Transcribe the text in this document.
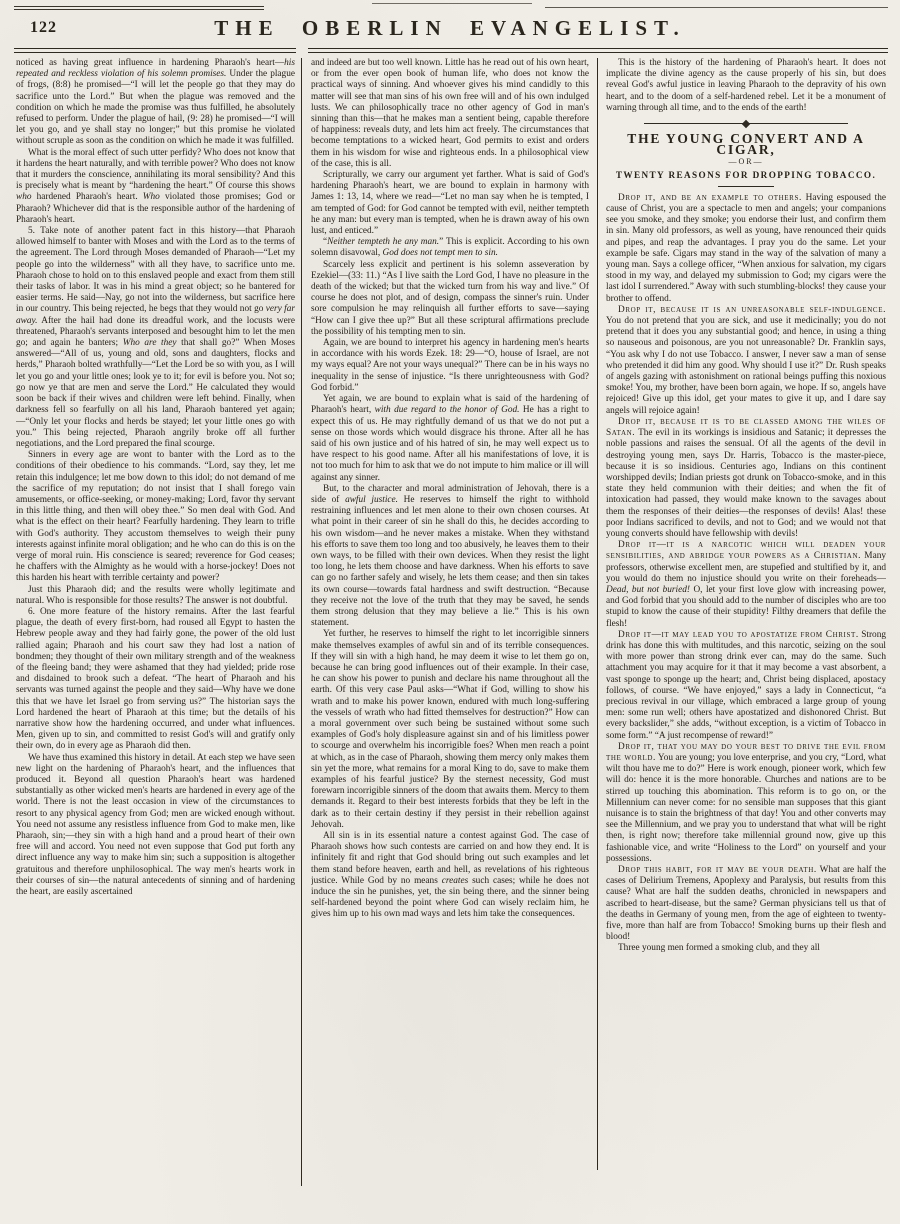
122	THE OBERLIN EVANGELIST.

noticed as having great influence in hardening Pharaoh's heart—his repeated and reckless violation of his solemn promises. Under the plague of frogs, (8:8) he promised—“I will let the people go that they may do sacrifice unto the Lord.” But when the plague was removed and the condition on which he made the promise was thus fulfilled, he absolutely refused to perform. Under the plague of hail, (9: 28) he promised—“I will let you go, and ye shall stay no longer;” but this promise he violated without scruple as soon as the condition on which he made it was fulfilled.

What is the moral effect of such utter perfidy? Who does not know that it hardens the heart naturally, and with terrible power? Who does not know that it murders the conscience, annihilating its moral sensibility? And this is precisely what is meant by “hardening the heart.” Of course this shows who hardened Pharaoh's heart. Who violated those promises; God or Pharaoh? Whichever did that is the responsible author of the hardening of Pharaoh's heart.

5. Take note of another patent fact in this history—that Pharaoh allowed himself to banter with Moses and with the Lord as to the terms of the agreement. The Lord through Moses demanded of Pharaoh—“Let my people go into the wilderness” with all they have, to sacrifice unto me. Pharaoh chose to hold on to this enslaved people and exact from them still their tasks of labor. It was in his mind a great object; so he bantered for easier terms. He said—Nay, go not into the wilderness, but sacrifice here in our country. This being rejected, he begs that they would not go very far away. After the hail had done its dreadful work, and the locusts were threatened, Pharaoh's servants interposed and besought him to let the men go; and again he banters; Who are they that shall go?” When Moses answered—“All of us, young and old, sons and daughters, flocks and herds,” Pharaoh bolted wrathfully—“Let the Lord be so with you, as I will let you go and your little ones; look ye to it; for evil is before you. Not so; go now ye that are men and serve the Lord.” He calculated they would soon be back if their wives and children were left behind. Finally, when darkness fell so fearfully on all his land, Pharaoh bantered yet again;—“Only let your flocks and herds be stayed; let your little ones go with you.” This being rejected, Pharaoh angrily broke off all further negotiations, and the Lord prepared the final scourge.

Sinners in every age are wont to banter with the Lord as to the conditions of their obedience to his commands. “Lord, say they, let me retain this indulgence; let me bow down to this idol; do not demand of me the sacrifice of my reputation; do not insist that I shall forego vain amusements, or office-seeking, or money-making; Lord, favor thy servant in this little thing, and then will obey thee.” So men deal with God. And what is the effect on their heart? Fearfully hardening. They learn to trifle with God's authority. They accustom themselves to weigh their puny interests against infinite moral obligation; and he who can do this is on the verge of moral ruin. His conscience is seared; reverence for God ceases; he chaffers with the Almighty as he would with a horse-jockey! Does not this harden his heart with terrible certainty and power?

Just this Pharaoh did; and the results were wholly legitimate and natural. Who is responsible for those results? The answer is not doubtful.

6. One more feature of the history remains. After the last fearful plague, the death of every first-born, had roused all Egypt to hasten the Hebrew people away and they had fairly gone, the power of the old lust rallied again; Pharaoh and his court saw they had lost a nation of bondmen; they thought of their own military strength and of the weakness of the fleeing band; they were ashamed that they had yielded; pride rose and disdained to brook such a defeat. “The heart of Pharaoh and his servants was turned against the people and they said—Why have we done this that we have let Israel go from serving us?” The historian says the Lord hardened the heart of Pharaoh at this time; but the details of his narrative show how the hardening occurred, and under what influences. Men, given up to sin, and committed to resist God's will and gratify only their own, do in every age as Pharaoh did then.

We have thus examined this history in detail. At each step we have seen new light on the hardening of Pharaoh's heart, and the influences that produced it. Beyond all question Pharaoh's heart was hardened substantially as other wicked men's hearts are hardened in every age of the world. There is not the least occasion in view of the circumstances to resort to any physical agency from God; men are wicked enough without. You need not assume any resistless influence from God to make men, like Pharaoh, sin;—they sin with a high hand and a proud heart of their own free will and accord. You need not even suppose that God put forth any direct influence any way to make him sin; such a supposition is altogether gratuitous and therefore unphilosophical. The way men's hearts work in their courses of sin—the natural antecedents of sinning and of hardening the heart, are easily ascertained

and indeed are but too well known. Little has he read out of his own heart, or from the ever open book of human life, who does not know the practical ways of sinning. And whoever gives his mind candidly to this matter will see that man sins of his own free will and of his own indulged lusts. We can philosophically trace no other agency of God in man's sinning than this—that he makes man a sentient being, capable therefore of happiness: reveals duty, and lets him act freely. The circumstances that become temptations to a wicked heart, God permits to exist and orders them in his wisdom for wise and righteous ends. In a philosophical view of the case, this is all.

Scripturally, we carry our argument yet farther. What is said of God's hardening Pharaoh's heart, we are bound to explain in harmony with James 1: 13, 14, where we read—“Let no man say when he is tempted, I am tempted of God: for God cannot be tempted with evil, neither tempteth he any man: but every man is tempted, when he is drawn away of his own lust, and enticed.”

“Neither tempteth he any man.” This is explicit. According to his own solemn disavowal, God does not tempt men to sin.

Scarcely less explicit and pertinent is his solemn asseveration by Ezekiel—(33: 11.) “As I live saith the Lord God, I have no pleasure in the death of the wicked; but that the wicked turn from his way and live.” Of course he does not plot, and of design, compass the sinner's ruin. Under sore compulsion he may relinquish all further efforts to save—saying “How can I give thee up?” But all these scriptural affirmations preclude the possibility of his tempting men to sin.

Again, we are bound to interpret his agency in hardening men's hearts in accordance with his words Ezek. 18: 29—“O, house of Israel, are not my ways equal? Are not your ways unequal?” There can be in his ways no inequality in the sense of injustice. “Is there unrighteousness with God? God forbid.”

Yet again, we are bound to explain what is said of the hardening of Pharaoh's heart, with due regard to the honor of God. He has a right to expect this of us. He may rightfully demand of us that we do not put a sense on those words which would disgrace his throne. After all he has said of his own justice and of his hatred of sin, he may well expect us to have respect to his good name. After all his manifestations of love, it is not too much for him to ask that we do not impute to him malice or ill will against any sinner.

But, to the character and moral administration of Jehovah, there is a side of awful justice. He reserves to himself the right to withhold restraining influences and let men alone to their own chosen courses. At what point in their career of sin he shall do this, he decides according to his own wisdom—and he never makes a mistake. When they withstand his efforts to save them too long and too abusively, he leaves them to their own ways, to be filled with their own devices. When they resist the light too long, he lets them choose and have darkness. When his efforts to save can go no farther safely and wisely, he lets them cease; and then sin takes its own course—towards fatal hardness and swift destruction. “Because they receive not the love of the truth that they may be saved, he sends them strong delusion that they may believe a lie.” This is his own statement.

Yet further, he reserves to himself the right to let incorrigible sinners make themselves examples of awful sin and of its terrible consequences. If they will sin with a high hand, he may deem it wise to let them go on, because he can bring good influences out of their example. In their case, he can show his power to punish and declare his name throughout all the earth. Of this very case Paul asks—“What if God, willing to show his wrath and to make his power known, endured with much long-suffering the vessels of wrath who had fitted themselves for destruction?” How can a moral government over such being be sustained without some such examples of God's holy displeasure against sin and of his limitless power to scourge and overwhelm his incorrigible foes? When men reach a point at which, as in the case of Pharaoh, showing them mercy only makes them sin yet the more, what remains for a moral King to do, save to make them examples of his fearful justice? By the sternest necessity, God must forewarn incorrigible sinners of the doom that awaits them. Mercy to them demands it. Regard to their best interests forbids that they be left in the dark as to their certain destiny if they persist in their rebellion against Jehovah.

All sin is in its essential nature a contest against God. The case of Pharaoh shows how such contests are carried on and how they end. It is infinitely fit and right that God should bring out such examples and let them stand before heaven, earth and hell, as revelations of his righteous justice. While God by no means creates such cases; while he does not induce the sin he punishes, yet, the sin being there, and the sinner being self-hardened beyond the point where God can wisely reclaim him, he gives him up to his own mad ways and lets him take the consequences.

This is the history of the hardening of Pharaoh's heart. It does not implicate the divine agency as the cause properly of his sin, but does reveal God's awful justice in leaving Pharaoh to the depravity of his own heart, and to the doom of a self-hardened rebel. Let it be a monument of warning through all time, and to the ends of the earth!

THE YOUNG CONVERT AND A CIGAR,
—OR—
TWENTY REASONS FOR DROPPING TOBACCO.

Drop it, and be an example to others. Having espoused the cause of Christ, you are a spectacle to men and angels; your companions see you smoke, and they smoke; you endorse their lust, and confirm them in sin. Many old professors, as well as young, have renounced their quids and pipes, and reap the advantages. I pray you do the same. Let your example be safe. Cigars may stand in the way of the salvation of many a young man. Says a college officer, “When anxious for salvation, my cigars stood in my way, and delayed my submission to God; my cigars were the last idol I surrendered.” Away with such stumbling-blocks! they cause your brother to offend.

Drop it, because it is an unreasonable self-indulgence. You do not pretend that you are sick, and use it medicinally; you do not pretend that it does you any substantial good; and hence, in using a thing so nauseous and poisonous, are you not unreasonable? Dr. Franklin says, “You ask why I do not use Tobacco. I answer, I never saw a man of sense who pretended it did him any good. Why should I use it?” Dr. Rush speaks of angels gazing with astonishment on rational beings puffing this noxious smoke! You, my brother, have been born again, we hope. If so, angels have rejoiced! Give up this idol, get your mates to give it up, and I dare say angels will rejoice again!

Drop it, because it is to be classed among the wiles of Satan. The evil in its workings is insidious and Satanic; it depresses the noble passions and raises the sensual. Of all the agents of the devil in destroying young men, says Dr. Harris, Tobacco is the master-piece, because it is so insidious. Centuries ago, Indians on this continent worshipped devils; Indian priests got drunk on Tobacco-smoke, and in this state they held communion with their deities; and when the fit of intoxication had passed, they would make known to the savages about them the responses of their deities—the responses of devils! Alas! these poor Indians sacrificed to devils, and not to God; and we would not that young converts should have fellowship with devils!

Drop it—it is a narcotic which will deaden your sensibilities, and abridge your powers as a Christian. Many professors, otherwise excellent men, are stupefied and stultified by it, and you would do them no injustice should you write on their foreheads—Dead, but not buried! O, let your first love glow with increasing power, and God forbid that you should add to the number of disciples who are too stupid to know the cause of their stupidity! Filthy dreamers that defile the flesh!

Drop it—it may lead you to apostatize from Christ. Strong drink has done this with multitudes, and this narcotic, seizing on the soul with more power than strong drink ever can, may do the same. Such attachment you may acquire for it that it may become a vast absorbent, a vast sponge to sponge up the heart; and, Christ being displaced, apostacy follows, of course. “We have enjoyed,” says a lady in Connecticut, “a precious revival in our village, which embraced a large group of young men: some run well; others have apostatized and dishonored Christ. But every backslider,” she adds, “without exception, is a victim of Tobacco in some form.” “A just recompense of reward!”

Drop it, that you may do your best to drive the evil from the world. You are young; you love enterprise, and you cry, “Lord, what wilt thou have me to do?” Here is work enough, pioneer work, which few will do: hence it is the more honorable. Churches and nations are to be stirred up touching this abomination. This reform is to go on, or the Millennium can never come: for no sensible man supposes that this giant nuisance is to stain the brightness of that day! You and other converts may see the Millennium, and we pray you to understand that what will be right then, is right now; therefore take millennial ground now, give up this fashionable vice, and write “Holiness to the Lord” on yourself and your possessions.

Drop this habit, for it may be your death. What are half the cases of Delirium Tremens, Apoplexy and Paralysis, but results from this cause? What are half the sudden deaths, chronicled in newspapers and ascribed to heart-disease, but the same? German physicians tell us that of the deaths in Germany of young men, from the age of eighteen to twenty-five, more than half are from Tobacco! Smoking burns up their flesh and blood!

Three young men formed a smoking club, and they all
